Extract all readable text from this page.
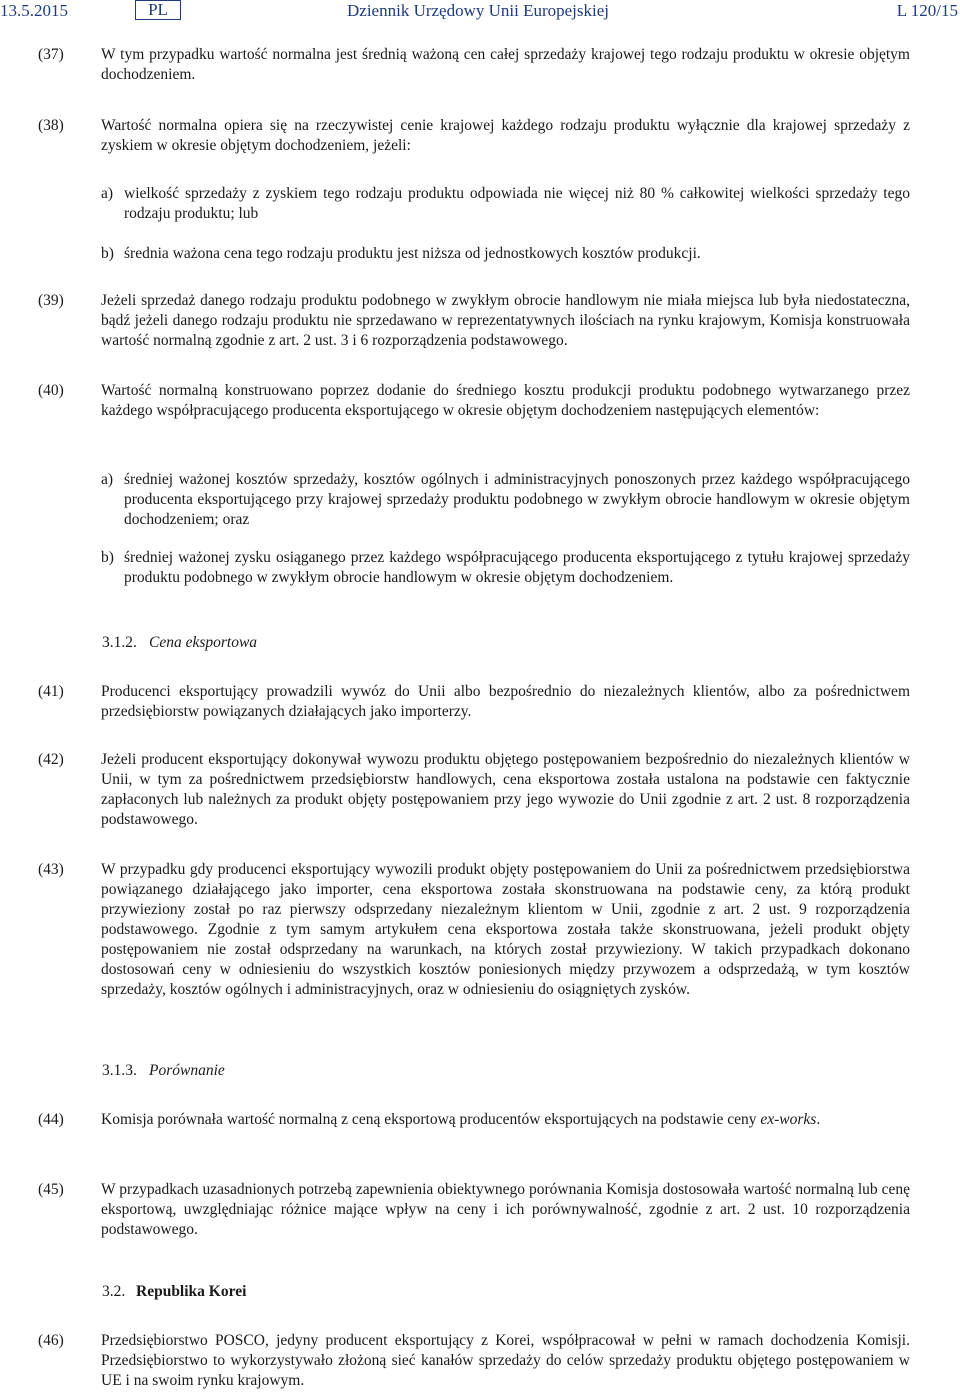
13.5.2015	PL	Dziennik Urzędowy Unii Europejskiej	L 120/15
(37) W tym przypadku wartość normalna jest średnią ważoną cen całej sprzedaży krajowej tego rodzaju produktu w okresie objętym dochodzeniem.
(38) Wartość normalna opiera się na rzeczywistej cenie krajowej każdego rodzaju produktu wyłącznie dla krajowej sprzedaży z zyskiem w okresie objętym dochodzeniem, jeżeli:
a) wielkość sprzedaży z zyskiem tego rodzaju produktu odpowiada nie więcej niż 80 % całkowitej wielkości sprzedaży tego rodzaju produktu; lub
b) średnia ważona cena tego rodzaju produktu jest niższa od jednostkowych kosztów produkcji.
(39) Jeżeli sprzedaż danego rodzaju produktu podobnego w zwykłym obrocie handlowym nie miała miejsca lub była niedostateczna, bądź jeżeli danego rodzaju produktu nie sprzedawano w reprezentatywnych ilościach na rynku krajowym, Komisja konstruowała wartość normalną zgodnie z art. 2 ust. 3 i 6 rozporządzenia podstawowego.
(40) Wartość normalną konstruowano poprzez dodanie do średniego kosztu produkcji produktu podobnego wytwarzanego przez każdego współpracującego producenta eksportującego w okresie objętym dochodzeniem następujących elementów:
a) średniej ważonej kosztów sprzedaży, kosztów ogólnych i administracyjnych ponoszonych przez każdego współpracującego producenta eksportującego przy krajowej sprzedaży produktu podobnego w zwykłym obrocie handlowym w okresie objętym dochodzeniem; oraz
b) średniej ważonej zysku osiąganego przez każdego współpracującego producenta eksportującego z tytułu krajowej sprzedaży produktu podobnego w zwykłym obrocie handlowym w okresie objętym dochodzeniem.
3.1.2. Cena eksportowa
(41) Producenci eksportujący prowadzili wywóz do Unii albo bezpośrednio do niezależnych klientów, albo za pośrednictwem przedsiębiorstw powiązanych działających jako importerzy.
(42) Jeżeli producent eksportujący dokonywał wywozu produktu objętego postępowaniem bezpośrednio do niezależnych klientów w Unii, w tym za pośrednictwem przedsiębiorstw handlowych, cena eksportowa została ustalona na podstawie cen faktycznie zapłaconych lub należnych za produkt objęty postępowaniem przy jego wywozie do Unii zgodnie z art. 2 ust. 8 rozporządzenia podstawowego.
(43) W przypadku gdy producenci eksportujący wywozili produkt objęty postępowaniem do Unii za pośrednictwem przedsiębiorstwa powiązanego działającego jako importer, cena eksportowa została skonstruowana na podstawie ceny, za którą produkt przywieziony został po raz pierwszy odsprzedany niezależnym klientom w Unii, zgodnie z art. 2 ust. 9 rozporządzenia podstawowego. Zgodnie z tym samym artykułem cena eksportowa została także skonstruowana, jeżeli produkt objęty postępowaniem nie został odsprzedany na warunkach, na których został przywieziony. W takich przypadkach dokonano dostosowań ceny w odniesieniu do wszystkich kosztów poniesionych między przywozem a odsprzedażą, w tym kosztów sprzedaży, kosztów ogólnych i administracyjnych, oraz w odniesieniu do osiągniętych zysków.
3.1.3. Porównanie
(44) Komisja porównała wartość normalną z ceną eksportową producentów eksportujących na podstawie ceny ex-works.
(45) W przypadkach uzasadnionych potrzebą zapewnienia obiektywnego porównania Komisja dostosowała wartość normalną lub cenę eksportową, uwzględniając różnice mające wpływ na ceny i ich porównywalność, zgodnie z art. 2 ust. 10 rozporządzenia podstawowego.
3.2. Republika Korei
(46) Przedsiębiorstwo POSCO, jedyny producent eksportujący z Korei, współpracował w pełni w ramach dochodzenia Komisji. Przedsiębiorstwo to wykorzystywało złożoną sieć kanałów sprzedaży do celów sprzedaży produktu objętego postępowaniem w UE i na swoim rynku krajowym.
